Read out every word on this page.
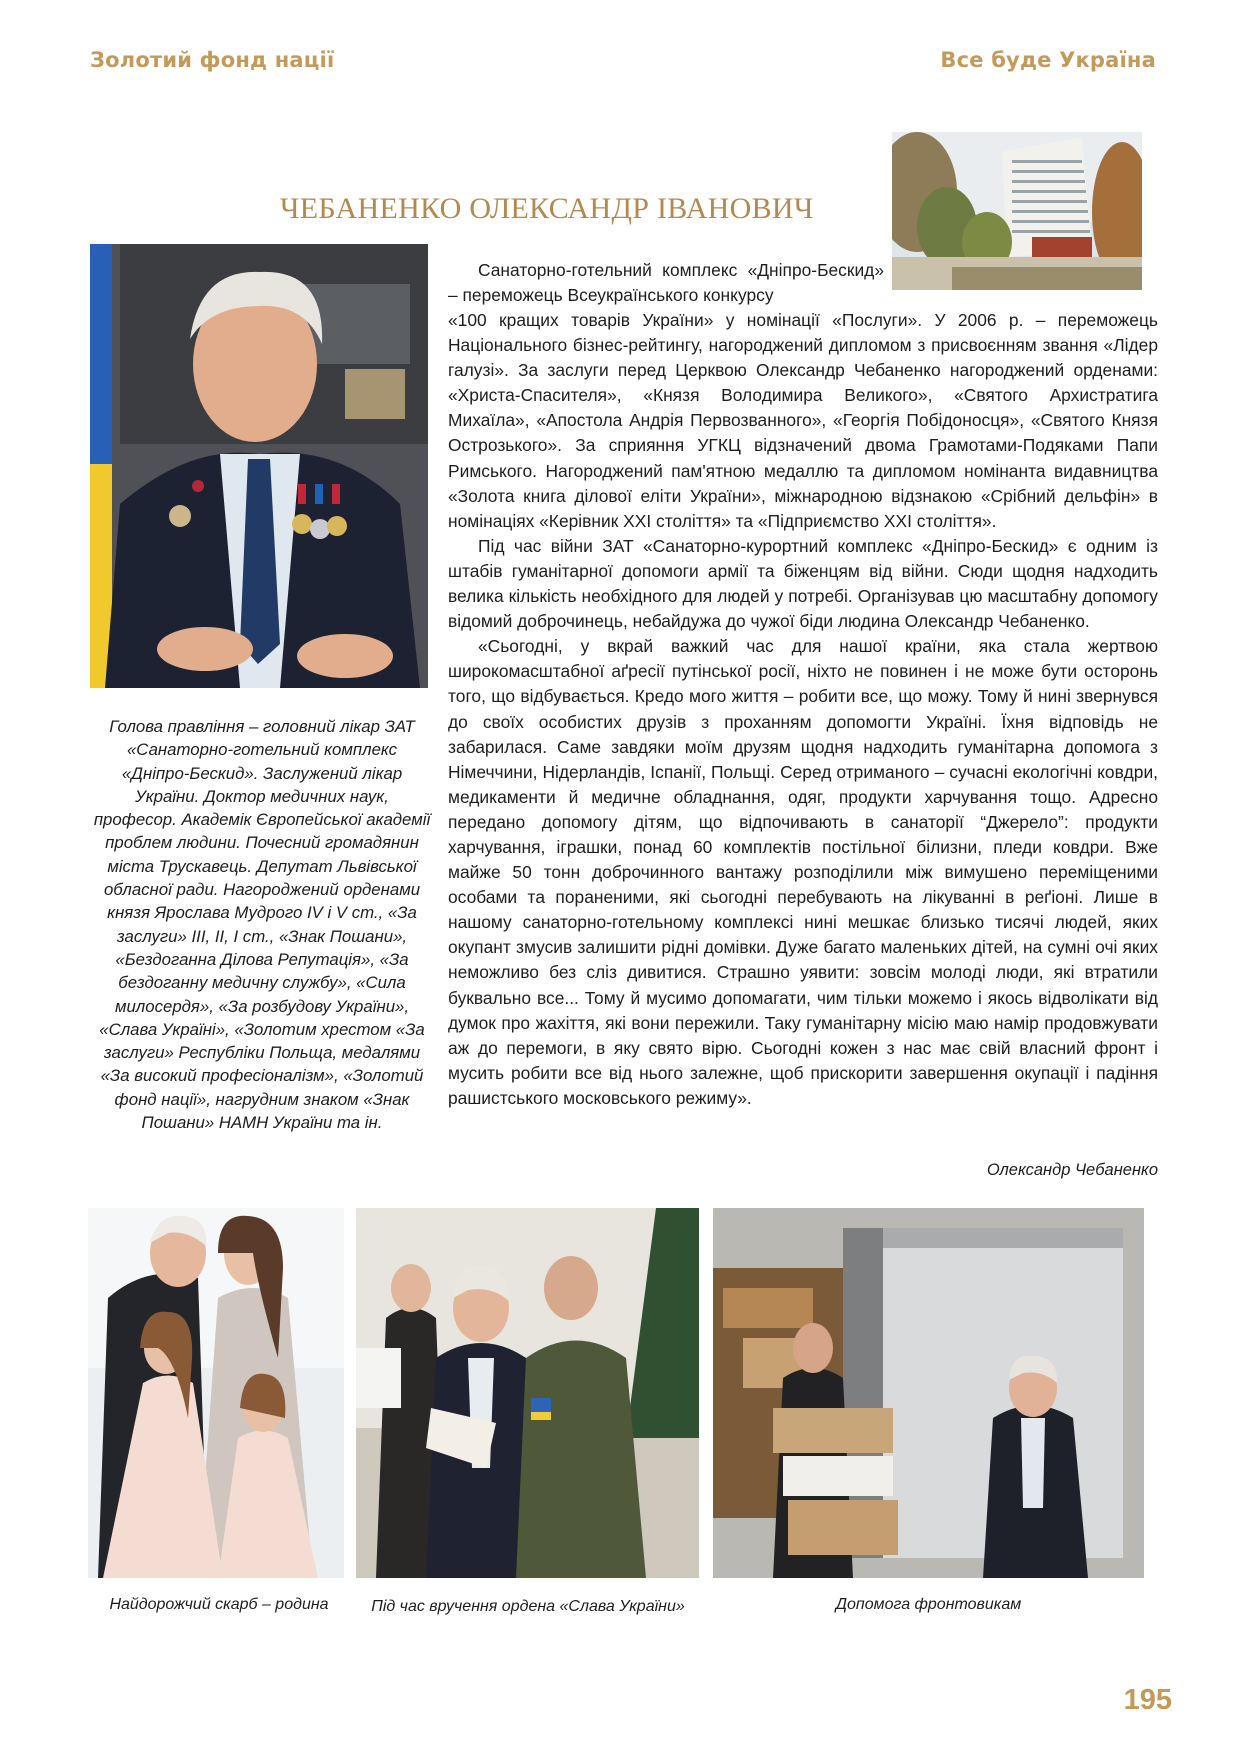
Золотий фонд нації	Все буде Україна
ЧЕБАНЕНКО ОЛЕКСАНДР ІВАНОВИЧ
Голова правління – головний лікар ЗАТ «Санаторно-готельний комплекс «Дніпро-Бескид». Заслужений лікар України. Доктор медичних наук, професор. Академік Європейської академії проблем людини. Почесний громадянин міста Трускавець. Депутат Львівської обласної ради. Нагороджений орденами князя Ярослава Мудрого IV і V ст., «За заслуги» III, II, I ст., «Знак Пошани», «Бездоганна Ділова Репутація», «За бездоганну медичну службу», «Сила милосердя», «За розбудову України», «Слава Україні», «Золотим хрестом «За заслуги» Республіки Польща, медалями «За високий професіоналізм», «Золотий фонд нації», нагрудним знаком «Знак Пошани» НАМН України та ін.

Санаторно-готельний комплекс «Дніпро-Бескид» – переможець Всеукраїнського конкурсу

«100 кращих товарів України» у номінації «Послуги». У 2006 р. – переможець Національного бізнес-рейтингу, нагороджений дипломом з присвоєнням звання «Лідер галузі». За заслуги перед Церквою Олександр Чебаненко нагороджений орденами: «Христа-Спасителя», «Князя Володимира Великого», «Святого Архистратига Михаїла», «Апостола Андрія Первозванного», «Георгія Побідоносця», «Святого Князя Острозького». За сприяння УГКЦ відзначений двома Грамотами-Подяками Папи Римського. Нагороджений пам'ятною медаллю та дипломом номінанта видавництва «Золота книга ділової еліти України», міжнародною відзнакою «Срібний дельфін» в номінаціях «Керівник XXI століття» та «Підприємство XXI століття».

Під час війни ЗАТ «Санаторно-курортний комплекс «Дніпро-Бескид» є одним із штабів гуманітарної допомоги армії та біженцям від війни. Сюди щодня надходить велика кількість необхідного для людей у потребі. Організував цю масштабну допомогу відомий доброчинець, небайдужа до чужої біди людина Олександр Чебаненко.

«Сьогодні, у вкрай важкий час для нашої країни, яка стала жертвою широкомасштабної аґресії путінської росії, ніхто не повинен і не може бути осторонь того, що відбувається. Кредо мого життя – робити все, що можу. Тому й нині звернувся до своїх особистих друзів з проханням допомогти Україні. Їхня відповідь не забарилася. Саме завдяки моїм друзям щодня надходить гуманітарна допомога з Німеччини, Нідерландів, Іспанії, Польщі. Серед отриманого – сучасні екологічні ковдри, медикаменти й медичне обладнання, одяг, продукти харчування тощо. Адресно передано допомогу дітям, що відпочивають в санаторії “Джерело”: продукти харчування, іграшки, понад 60 комплектів постільної білизни, пледи ковдри. Вже майже 50 тонн доброчинного вантажу розподілили між вимушено переміщеними особами та пораненими, які сьогодні перебувають на лікуванні в реґіоні. Лише в нашому санаторно-готельному комплексі нині мешкає близько тисячі людей, яких окупант змусив залишити рідні домівки. Дуже багато маленьких дітей, на сумні очі яких неможливо без сліз дивитися. Страшно уявити: зовсім молоді люди, які втратили буквально все... Тому й мусимо допомагати, чим тільки можемо і якось відволікати від думок про жахіття, які вони пережили. Таку гуманітарну місію маю намір продовжувати аж до перемоги, в яку свято вірю. Сьогодні кожен з нас має свій власний фронт і мусить робити все від нього залежне, щоб прискорити завершення окупації і падіння рашистського московського режиму».

Олександр Чебаненко
Найдорожчий скарб – родина	Під час вручення ордена «Слава України»	Допомога фронтовикам
195
